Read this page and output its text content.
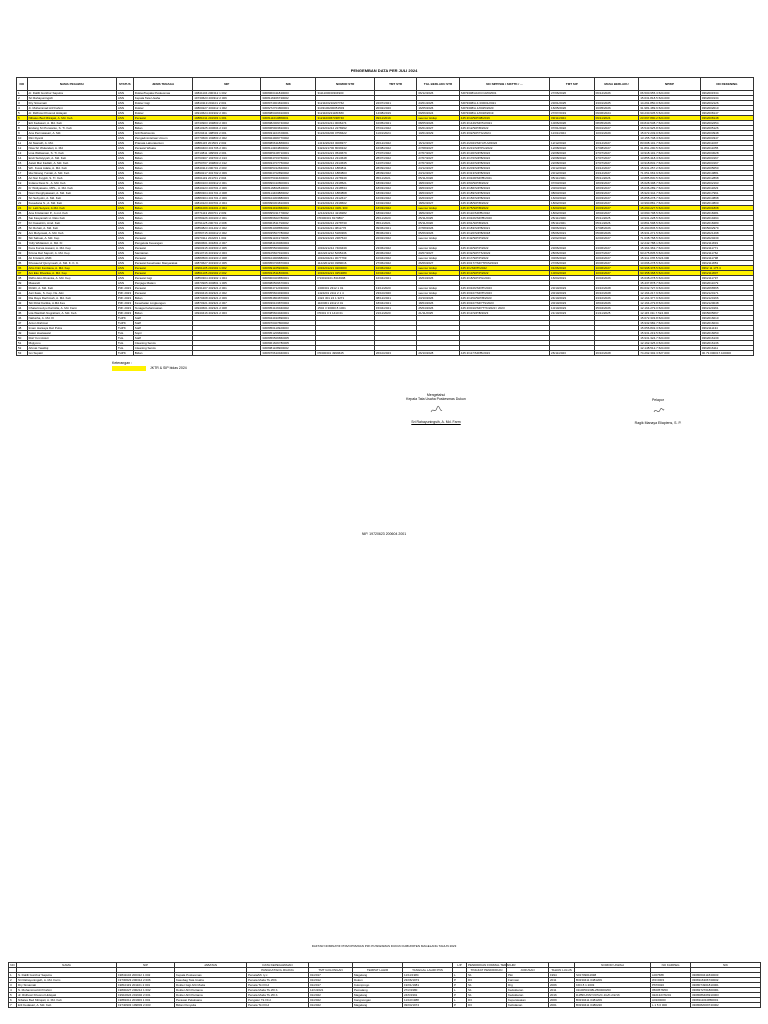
PENGEMBAN DATA PER JULI 2024
NO	NAMA PEGAWAI	STATUS	JENIS TENAGA	NIP	NIK	NOMOR STR	TMT STR	TGL BERLAKU STR	NO SIPP/SIB / SIKTTK / ...	TMT SIP	MASA BERLAKU	NPWP	NO REKENING
1	dr. Dalilli Gunthur Saputra	ASN	Dokter/Kepala Puskesmas	19841104 200312 1 002	3308060411840003	3111100030304900		06/12/2026	SIP/3308/A10/C/10/00/001	27/06/2026	06/12/2026	06.500.955.3.524.000	0362001534
2	Sri Rahayuningsih	ASN	Kepala Tata Usaha	19730623 200312 2 006	3308116306730002							15.631.818.5.524.000	0362003134
3	Dry Simamati	ASN	Dokter Gigi	19810119 201101 2 001	3308074901810001	3121100210207762	22/07/2021	23/01/2025	SIP/3308/A.4.3/0001/2021	23/01/2025	23/01/2025	14.291.850.0.524.000	0362002126
4	Ji. Muhammad Arif Fahmi	ASN	Dokter	19800227 200212 1 002	3308272701800001	3103100200051503	20/02/2020	16/05/2026	SIP/3308/A.1/0025/2020	16/05/2026	16/05/2026	31.981.489.9.524.000	0362002010
5	dr. Ridhowi Khusnul Hidayati	ASN	Dokter	19910624 201902 2 001	3308086406910003	3121100221181580	14/08/2019	09/06/2024	SIP/3308/A.1/0018/2019	27/07/2019	09/06/2024	90.230.935.5.524.000	0362008147
6	Nibales Bed Mitrajati, A. Md. Keb	ASN	Perawat	19881011 201903 1 001	3308111010880001	3121100067338740	09/11/2019	seumur Hidup	445.3/10/SIP/08/2019	09/11/2024	09/11/2024	23.697.890.2.524.000	0362008148
7	Erli Kedasari, A. Md. Keb	ASN	Bidan	19740903 199803 2 003	3308082009740002	3122201211 0006474	10/05/2021	08/05/2026	445.3/1449/SIP/N/2021	10/06/2026	08/05/2026	09.843.538.7.524.000	0362002254
8	Endang Sri Purwanto, S. Tr. Keb	ASN	Bidan	19810325 200604 2 010	3308065903810001	3122201212 2278292	07/01/2022	06/01/2027	445.3/12/SIP/B/2022	07/01/2022	06/01/2027	15.543.925.8.524.000	0362005126
9	Ana Permatasari, A. Md.	ASN	Gizi/Nutrisionis	19720411 198503 2 001	3308031104720001	3122202200 0758422	11/01/2024	10/01/2029	445.3/02/SIP/TG/2024	11/01/2024	10/01/2029	15.672.249.0.524.000	0362003948
10	Rini Dyanti	ASN	Pengadministrasi Umum	19770609 199803 2 002	3308024906770002							13.155.748.3.524.000	0362003347
11	Ali Nasrath, A. Md.	ASN	Pranata Laboratorium	19881115 201503 2 002	3308086611880004	1413220216 0008377	20/12/2022	16/12/2027	445.2/2023/SIP.ATLM/2022	12/12/2022	16/12/2027	83.608.101.7.524.000	0362011097
12	Nisa Sri Wulandari, A. Md	ASN	Perawat Wisata	19860403 201706 2 001	3308114304860002	3422221700 8039342	16/08/2022	27/08/2027	445.3/231/SIP/PG/2022	12/08/2022	27/08/2027	31.891.290.5.524.000	0362011055
13	Lina Widiasrasi, S. Tr. Keb	ASN	Bidan	19710811 199503 2 001	3308065108710001	3122201221 0549679	27/07/2022	27/07/2027	445.3/130/SIP/B/2022	22/08/2022	27/07/2027	13.918.101.7.524.000	0362003028
14	Endi Sulistyiyah, A. Md. Keb	ASN	Bidan	19760307 199703 2 013	3308064703760001	3122202212 2313648	28/07/2022	27/07/2027	445.3/170/SIP/B/2022	22/08/2022	27/07/2027	13.855.418.3.524.000	0362003167
15	Asteli Mar Fadlah, A. Md. Keb	ASN	Bidan	19750707 199803 2 012	3308034707750002	3122202212 2313635	12/07/2022	27/07/2027	445.3/140/SIP/B/2022	22/08/2022	27/07/2027	13.918.832.7.524.000	0362003167
16	Wri. Kusoi Adala, A. Md. Keb	ASN	Bidan	19840113 200701 2 003	3308005312840004	3122202212 1883811	28/09/2022	23/12/2027	445.3/203/SIP/B/2022	23/12/2022	23/12/2027	15.931.257.2.524.000	0362005050
17	Ida Ninang Yuniati, A. Md. Keb	ASN	Bidan	19890217 201702 2 009	3308004702890002	3122202212 1883803	28/09/2022	23/12/2027	445.3/313/SIP/B/2022	23/12/2022	23/12/2027	71.651.663.9.524.000	0362010881
18	Ari Nar Kuyjidi, S. Tr. Keb	ASN	Bidan	19661119 201701 2 004	3308075011660003	3122202212 2278349	05/11/2021	05/11/2026	445.3/0108/SIP/B/2021	05/11/2021	05/11/2026	13.885.830.5.524.000	0362012898
19	Indana Dewi N., A. Md. Keb	ASN	Bidan	19800103 200312 2 001	3308096410800001	3122202212 2318521	18/03/2022	18/03/2027	445.3/60/SIP/B/2022	07/03/2022	18/03/2027	15.628.398.7.524.000	0362002193
20	Fr Widiyatastu, MPL., A. Md. Keb	ASN	Bidan	19840223 200701 2 006	3308116802840003	3122202212 2318534	18/03/2022	18/03/2027	445.3/186/SIP/B/2022	20/03/2022	18/03/2027	15.036.289.7.524.000	0362011823
21	Noni Penghyatasari, A. Md. Keb	ASN	Bidan	19880304 201701 2 008	3308114403880002	3122202212 1883868	18/03/2022	18/03/2027	445.3/189/SIP/B/2022	08/03/2022	18/03/2027	15.923.344.7.524.000	0362017961
22	Sri Sebyutin, A. Md. Keb	ASN	Bidan	19880304 201701 2 009	3308104303880003	3122202212 2312617	16/03/2022	16/03/2027	445.3/156/SIP/B/2022	16/03/2022	16/03/2027	45.858.278.7.524.000	0362013898
23	Kusedana S., A. Md. Keb	ASN	Bidan	19810123 200701 2 004	3308096301810003	3122202212 2318602	16/02/2022	18/02/2027	445.3/48/SIP/B/2022	18/02/2022	18/02/2027	13.990.881.7.524.000	0362013800
24	Fr. Lalit Setyani, A.Md. Keb	ASN	Bidan	19861009 201001 2 004	3308034910860001	3122202212 3181 300	18/03/2022	seumur Hidup	445.3/75/SIP/B/2022	16/03/2022	16/03/2027	15.290.227.5.524.000	0362001808
25	Ana Kristiantari P., A.md. Keb	ASN	Bidan	19771113 200701 2 009	3308095311770002	1212222212 4218282	18/02/2022	18/02/2027	445.3/110/SIP/B/2022	18/02/2022	18/02/2027	13.690.798.5.524.000	0362018481
26	Sai Kasyaniah H. Ratu Keb	ASN	Bidan	19780226 200103 2 001	3308056602780002	P0300301 8179867	25/11/2020	25/11/2025	445.3/0106/SIP/B/2020	26/11/2020	25/11/2025	13.931.228.5.524.000	0362019494
27	Kri Kasaintin, Amd. Keb	ASN	Bidan	19791125 200701 2 008	3308064511790002	3122202212 2278730	05/11/2021	05/11/2026	445.3/91/SIP/B/2021	05/11/2021	05/11/2026	13.891.598.5.524.000	0362018480
28	Sri Rohati, A. Md. Keb	ASN	Bidan	19850823 201402 2 002	3308054308850002	3122202211 0811776	09/06/2021	27/08/2026	445.3/183/SIP/B/2021	09/06/2021	27/08/2026	15.490.845.5.524.000	0365002979
29	Ani Mulyowati, A. Md. Keb	ASN	Bidan	19780715 200212 2 002	3308035507780002	3122202212 5180366	05/06/2021	05/06/2026	445.3/120/SIP/B/2018	05/06/2021	05/06/2026	15.931.271.5.524.000	0362021498
30	Siti Sabuai, A. Md. Kep	ASN	Perawat	19970111 202203 1 002	3308091101970005	1023222222 2387543	22/02/2022	seumur Hidup	445.3/42/SIP/P/2022	22/02/2022	22/02/2027	71.638.768.5.524.000	0362020239
31	Yolly Widiastuti, A. Md. Kl	ASN	Pengelola Keuangan	19960601 201801 2 007	3308084106960004							12.242.788.1.524.000	0362111819
32	Kura Kursia Hasani, A. Md. Kep	ASN	Perawat	19900315 201503 2 005	3308055503900002	1032221212 7409439	23/06/2022	seumur Hidup	445.3/43/SIP/P/2022	23/06/2022	23/06/2027	15.364.363.7.524.000	0362111771
33	Krisna Dwi Saputri, A. Md. Kep	ASN	Sanitarian	19910716 201902 2 003	3308105607910001	1102221212 5295446	20/06/2022	20/07/2027	445.3/32/SIP/TS/2022	28/06/2022	20/07/2027	93.275.835.5.524.000	0362111762
34	Ali Kristanti, AMK	ASN	Perawat	19880509 201903 2 008	3308104909880001	1032202211 3077769	10/04/2022	seumur Hidup	445.3/17/SIP/P/2022	30/06/2022	10/04/2027	15.311.378.5.524.000	0362111798
35	Khusaeruf Qunymeah, A. Md. K. K. K.	ASN	Perawat Kesehatan Masyarakat	19870627 201903 2 005	3308056706870004	1122201210 0389016	27/06/2022	26/06/2027	445.3/0177/SIP/TPKM/2022	27/06/2022	26/06/2027	13.096.278.5.524.000	0362111853
36	Ahis Fikri Ferdiana, A. Md. Kep	ASN	Perawat	19961105 201902 1 002	3308091105960001	1032201221 0200000	10/06/2022	seumur Hidup	445.3/1/SIP/P/2022	01/06/2022	10/06/2027	93.998.378.5.524.000	0362 11 175 3
37	Ani Eko Rivanka, A. Md. Kep	ASN	Perawat	19861105 201902 2 002	3308034511860001	1032201221 0254080	10/04/2022	seumur Hidup	445.3/13/SIP/P/2022	10/04/2022	10/04/2027	93.358.368.5.524.000	0362111807
38	Ridho Eko Rivanka, A. Md. Kep	ASN	Perawat Gigi	19850304 201902 1 004	3308000403850001	P13010101 8316998	16/04/2021	16/04/2026	445.3/18/SIP/PG/2021	16/04/2021	16/04/2026	15.638.278.5.524.000	0362111797
39	Masandi	ASN	Penjaga Malam	19670905 200801 1 005	3308080509670001							15.437.878.7.524.000	0362011079
40	Rizkhi, A. Md. Keb	P3K 2023	Perawat	19931207 202321 2 001	3308064712930003	1300301 2312 1 01	13/11/2020	seumur Hidup	445.3/0106/SIP/P/2023	23/10/2023	23/10/2028	84.632.727.9.524.000	0362066565
41	Asri Ikatu, S. Kep. Ns. Aiki	P3K 2023	Perawat	19930416 202321 2 002	3308055604930004	1422201 2111 2 1 4	23/10/2020	seumur Hidup	445.3/0107/SIP/P/2023	20/10/2023	26/10/2028	12.164.217.9.524.000	0362120171
42	Ria Raya Rachmah, A. Md. Keb	P3K 2023	Bidan	19870408 202321 2 009	3308054804870003	1322 301 24 1 3271	08/12/2021	23/10/2026	445.3/1153/SIP/B/2023	24/10/2023	23/10/2026	12.164.377.9.524.000	0362120166
43	Siti Rizal Kartika, A.Md.Kes	P3K 2023	Kesehatan Lingkungan	19870321 202321 2 007	3308036103870004	1100301 2412 2 01	18/04/2021	18/04/2026	445.3/0107/SIP/TS/2023	20/10/2023	18/04/2026	12.164.279.8.524.000	0362120048
44	Chaterina Ayu Karmilia, A. Md. Farm	P3K 2023	Tenaga Kefarmasian	19940601 202321 2 008	3308054106940002	1502 3 30000 8 1001	15/04/2021	25/04/2026	445.3/0010/SIP/TTK/2023 / 2023	10/10/2023	25/04/2026	12.164.279.0.524.000	0362120161
45	Lita Wardiah Nugrahani, A. Md. Keb	P3K 2023	Bidan	19940416 202321 2 003	3308085604940001	P0301 0 3 1410 01	21/11/2020	21/11/2025	445.3/11/SIP/B/2023	21/10/2023	21/11/2025	12.115.311.7.524.000	0365005667
46	Nafssiha, A. Md. Kl	THPK	Staff		3308044910890001							15.672.333.8.524.000	0362016010
47	Anton Rahmat	THPK	Staff		3308070407800002							15.932.982.7.524.000	0362016034
48	Imam Harsaya Dwi Putra	THPK	Staff		3308050110920003							15.656.832.3.524.000	0362111134
49	Gatot Hoelaswal	THL	Sopir		3308051209820001							15.931.219.5.524.000	0362016050
50	Roil Yuni Astuti	THL	Staff		3308056506860005							15.931.324.7.524.000	0362016139
51	Mujiyono	THL	Cleaning Servis		3308061606780005							12.162.325.0.524.000	0362016136
52	Ahmat Yasidiqi	THL	Cleaning Servis		3308081108900002							12.148.512.7.524.000	0362016111
53	Isn Supatri	THPK	Bidan		3308076610940001	P0300301 4999645	26/10/2023	26/10/2028	445.3/117/SIP/B/2023	26/11/2023	26/10/2028	74.292.302.3.527.000	00.79.000017.100000
Keterangan :
JKTR & SIP bidas 2024
Mengetahui
Kepala Tata Usaha Puskesmas Dukun
Sri Rahayuningsih, A. Md. Farm
Pelapor
Ragik Manaya Eliapiens, S. P.
NIP. 19720623 200604 2001
DAFTAR NOMINATIF PNS/CPNS/DAN P3K PUSKESMAS DUKUN KABUPATEN MAGELANG TAHUN 2023
NO	NAMA	NIP	JABATAN	DATA KEPEGAWAIAN				L/P	PENDIDIKAN FORMAL TERAKHIR			NOMOR UNZAH	NO KARPEG	NIK
				PANGKAT/GOL RUANG	TMT GOLONGAN	TEMPAT LAHIR	TANGGAL LAHIR PNS		TINGKAT PENDIDIKAN	JURUSAN	TAHUN LULUS			
1	S. Dalilli Gunthur Saputra	19841104 200312 1 002	Kepala Puskesmas	Penata/Mi. ly.c	01/2017	Magelang	11/11/1984	L	S1	Pkn	1994	S01709011998	L007688	3308060411840003
2	Sri Rahayuningsih, A. Md. Farm	19730623 200312 2 006	Kasubag Tata Usaha	Penata Muda Tk.I/IIIb	01/2012	Dukun	23/06/1973	P	D3	Farmasi	2011	B3230411 0481209	W0 0003	3308116306730002
3	Dry Simamati	19810119 201101 2 001	Dokter Gigi Ahli Muda	Penata Tk.I/III.d	01/2017	Kulonprogo	19/01/1981	P	S1	Drg	2006	KD3 8 1 2003	P670020	3308074901810001
4	S. Muhammad Arif Fahmi	19800227 200212 1 002	Dokter Ahli Pertama	Penata Muda Tk.I/III.b	12/1/2021	Pemalang	27/2/1980	L	S1	Kedokteran	2011	01100501/08L2500000/00	0500578/00	3308272701800001
5	dr. Ridhowi Khusnul Hidayati	19910624 201902 2 001	Dokter Ahli Pertama	Penata Muda Tk.I/III.b	01/2022	Magelang	24/6/1991	P	S1	Kedokteran	2016	DJ/BKUNNY.KPG/C.1G/K.2/2/16	0221327/0201	3308086406910003
6	Nibales Bed Mitrajati, A. Md. Keb	19881011 201903 1 001	Perawat Pelaksana	Pengatur Tk.I/II.d	01/2022	Kangnongan	11/10/1988	L	D3	Keperawatan	2009	B3230411 0481209	A0100000	3308111010880001
7	Erli Kedasari, A. Md. Keb	19740903 199803 2 003	Bidan Penyelia	Penata Tk.I/III.d	01/2022	Magelang	09/04/1974	P	D3	Kebidanan	2001	B3230411 0480220	L 1 5 0 000	3308082009740002
